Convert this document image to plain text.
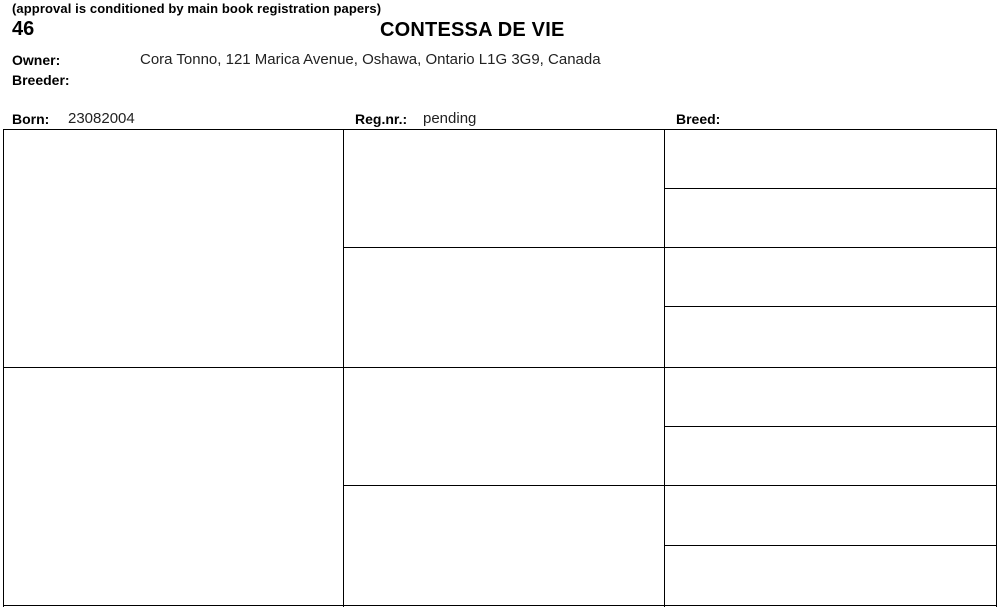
(approval is conditioned by main book registration papers)
46	CONTESSA DE VIE
Owner:	Cora Tonno, 121 Marica Avenue, Oshawa, Ontario L1G 3G9, Canada
Breeder:
Born: 23082004	Reg.nr.: pending	Breed:
